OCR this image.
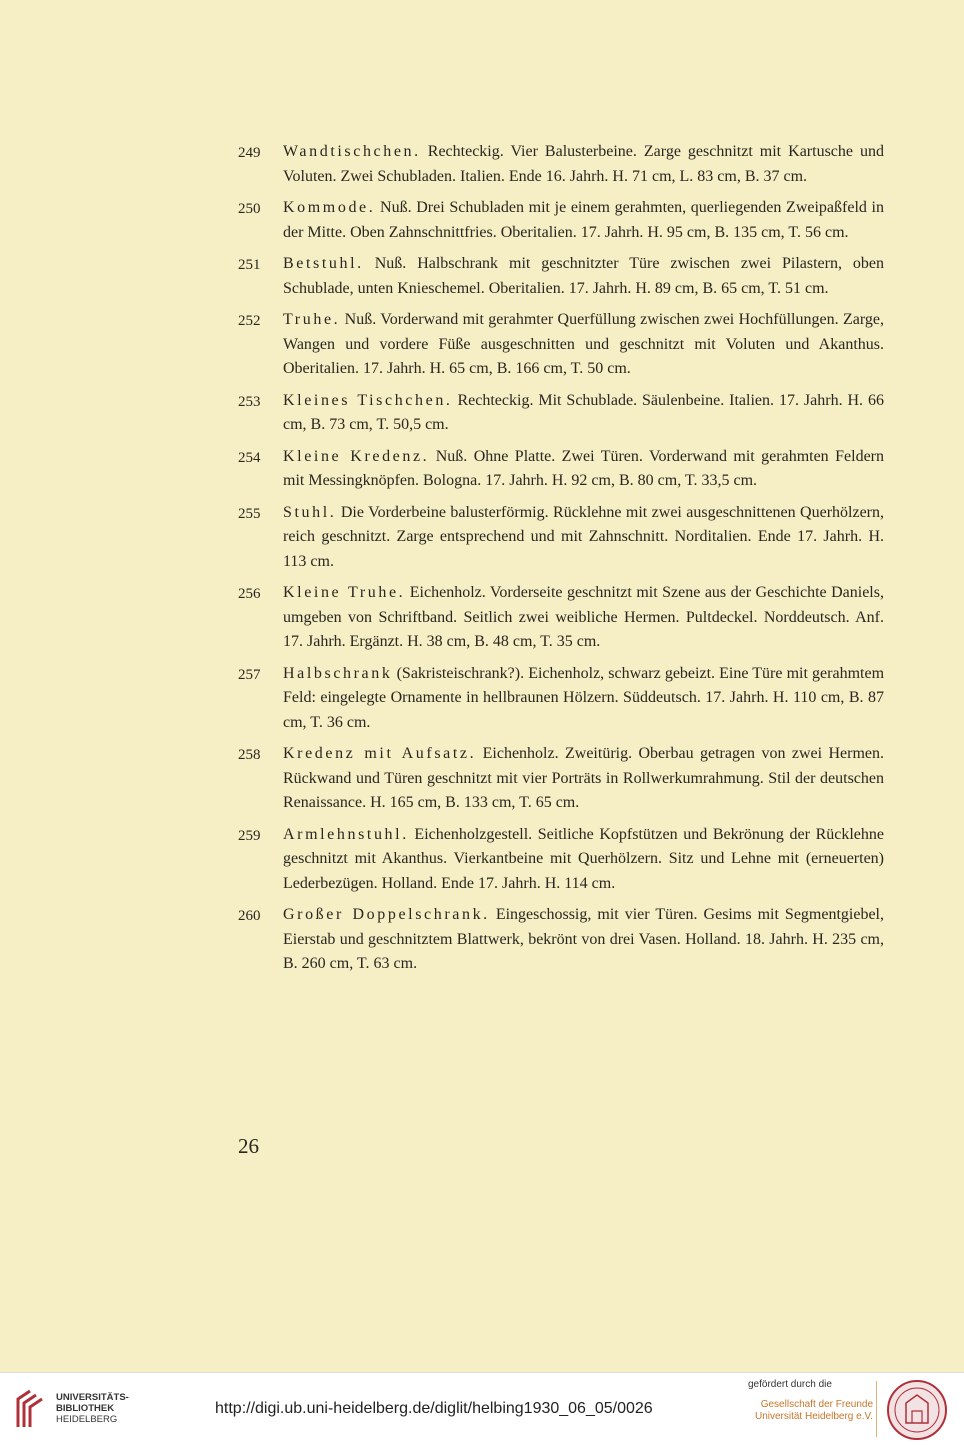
249	Wandtischchen. Rechteckig. Vier Balusterbeine. Zarge geschnitzt mit Kartusche und Voluten. Zwei Schubladen. Italien. Ende 16. Jahrh. H. 71 cm, L. 83 cm, B. 37 cm.
250	Kommode. Nuß. Drei Schubladen mit je einem gerahmten, querliegenden Zweipaßfeld in der Mitte. Oben Zahnschnittfries. Oberitalien. 17. Jahrh. H. 95 cm, B. 135 cm, T. 56 cm.
251	Betstuhl. Nuß. Halbschrank mit geschnitzter Türe zwischen zwei Pilastern, oben Schublade, unten Knieschemel. Oberitalien. 17. Jahrh. H. 89 cm, B. 65 cm, T. 51 cm.
252	Truhe. Nuß. Vorderwand mit gerahmter Querfüllung zwischen zwei Hochfüllungen. Zarge, Wangen und vordere Füße ausgeschnitten und geschnitzt mit Voluten und Akanthus. Oberitalien. 17. Jahrh. H. 65 cm, B. 166 cm, T. 50 cm.
253	Kleines Tischchen. Rechteckig. Mit Schublade. Säulenbeine. Italien. 17. Jahrh. H. 66 cm, B. 73 cm, T. 50,5 cm.
254	Kleine Kredenz. Nuß. Ohne Platte. Zwei Türen. Vorderwand mit gerahmten Feldern mit Messingknöpfen. Bologna. 17. Jahrh. H. 92 cm, B. 80 cm, T. 33,5 cm.
255	Stuhl. Die Vorderbeine balusterförmig. Rücklehne mit zwei ausgeschnittenen Querhölzern, reich geschnitzt. Zarge entsprechend und mit Zahnschnitt. Norditalien. Ende 17. Jahrh. H. 113 cm.
256	Kleine Truhe. Eichenholz. Vorderseite geschnitzt mit Szene aus der Geschichte Daniels, umgeben von Schriftband. Seitlich zwei weibliche Hermen. Pultdeckel. Norddeutsch. Anf. 17. Jahrh. Ergänzt. H. 38 cm, B. 48 cm, T. 35 cm.
257	Halbschrank (Sakristeischrank?). Eichenholz, schwarz gebeizt. Eine Türe mit gerahmtem Feld: eingelegte Ornamente in hellbraunen Hölzern. Süddeutsch. 17. Jahrh. H. 110 cm, B. 87 cm, T. 36 cm.
258	Kredenz mit Aufsatz. Eichenholz. Zweitürig. Oberbau getragen von zwei Hermen. Rückwand und Türen geschnitzt mit vier Porträts in Rollwerkumrahmung. Stil der deutschen Renaissance. H. 165 cm, B. 133 cm, T. 65 cm.
259	Armlehnstuhl. Eichenholzgestell. Seitliche Kopfstützen und Bekrönung der Rücklehne geschnitzt mit Akanthus. Vierkantbeine mit Querhölzern. Sitz und Lehne mit (erneuerten) Lederbezügen. Holland. Ende 17. Jahrh. H. 114 cm.
260	Großer Doppelschrank. Eingeschossig, mit vier Türen. Gesims mit Segmentgiebel, Eierstab und geschnitztem Blattwerk, bekrönt von drei Vasen. Holland. 18. Jahrh. H. 235 cm, B. 260 cm, T. 63 cm.
26
UNIVERSITÄTS-
BIBLIOTHEK
HEIDELBERG
http://digi.ub.uni-heidelberg.de/diglit/helbing1930_06_05/0026
gefördert durch die
Gesellschaft der Freunde
Universität Heidelberg e.V.
